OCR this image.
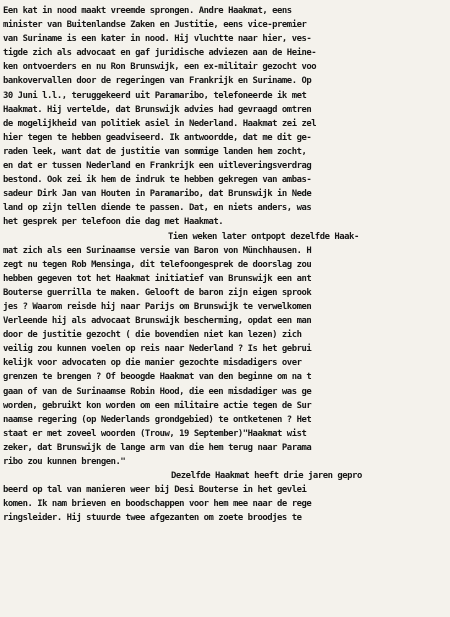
Een kat in nood maakt vreemde sprongen. Andre Haakmat, eens
minister van Buitenlandse Zaken en Justitie, eens vice-premier
van Suriname is een kater in nood. Hij vluchtte naar hier, ves-
tigde zich als advocaat en gaf juridische adviezen aan de Heine-
ken ontvoerders en nu Ron Brunswijk, een ex-militair gezocht voo
bankovervallen door de regeringen van Frankrijk en Suriname. Op
30 Juni l.l., teruggekeerd uit Paramaribo, telefoneerde ik met
Haakmat. Hij vertelde, dat Brunswijk advies had gevraagd omtren
de mogelijkheid van politiek asiel in Nederland. Haakmat zei zel
hier tegen te hebben geadviseerd. Ik antwoordde, dat me dit ge-
raden leek, want dat de justitie van sommige landen hem zocht,
en dat er tussen Nederland en Frankrijk een uitleveringsverdrag
bestond. Ook zei ik hem de indruk te hebben gekregen van ambas-
sadeur Dirk Jan van Houten in Paramaribo, dat Brunswijk in Nede
land op zijn tellen diende te passen. Dat, en niets anders, was
het gesprek per telefoon die dag met Haakmat.
Tien weken later ontpopt dezelfde Haak-
mat zich als een Surinaamse versie van Baron von Münchhausen. H
zegt nu tegen Rob Mensinga, dit telefoongesprek de doorslag zou
hebben gegeven tot het Haakmat initiatief van Brunswijk een ant
Bouterse guerrilla te maken. Gelooft de baron zijn eigen sprook
jes ? Waarom reisde hij naar Parijs om Brunswijk te verwelkomen
Verleende hij als advocaat Brunswijk bescherming, opdat een man
door de justitie gezocht ( die bovendien niet kan lezen) zich
veilig zou kunnen voelen op reis naar Nederland ? Is het gebrui
kelijk voor advocaten op die manier gezochte misdadigers over
grenzen te brengen ? Of beoogde Haakmat van den beginne om na t
gaan of van de Surinaamse Robin Hood, die een misdadiger was ge
worden, gebruikt kon worden om een militaire actie tegen de Sur
naamse regering (op Nederlands grondgebied) te ontketenen ? Het
staat er met zoveel woorden (Trouw, 19 September)"Haakmat wist
zeker, dat Brunswijk de lange arm van die hem terug naar Parama
ribo zou kunnen brengen."
Dezelfde Haakmat heeft drie jaren gepro
beerd op tal van manieren weer bij Desi Bouterse in het gevlei
komen. Ik nam brieven en boodschappen voor hem mee naar de rege
ringsleider. Hij stuurde twee afgezanten om zoete broodjes te
